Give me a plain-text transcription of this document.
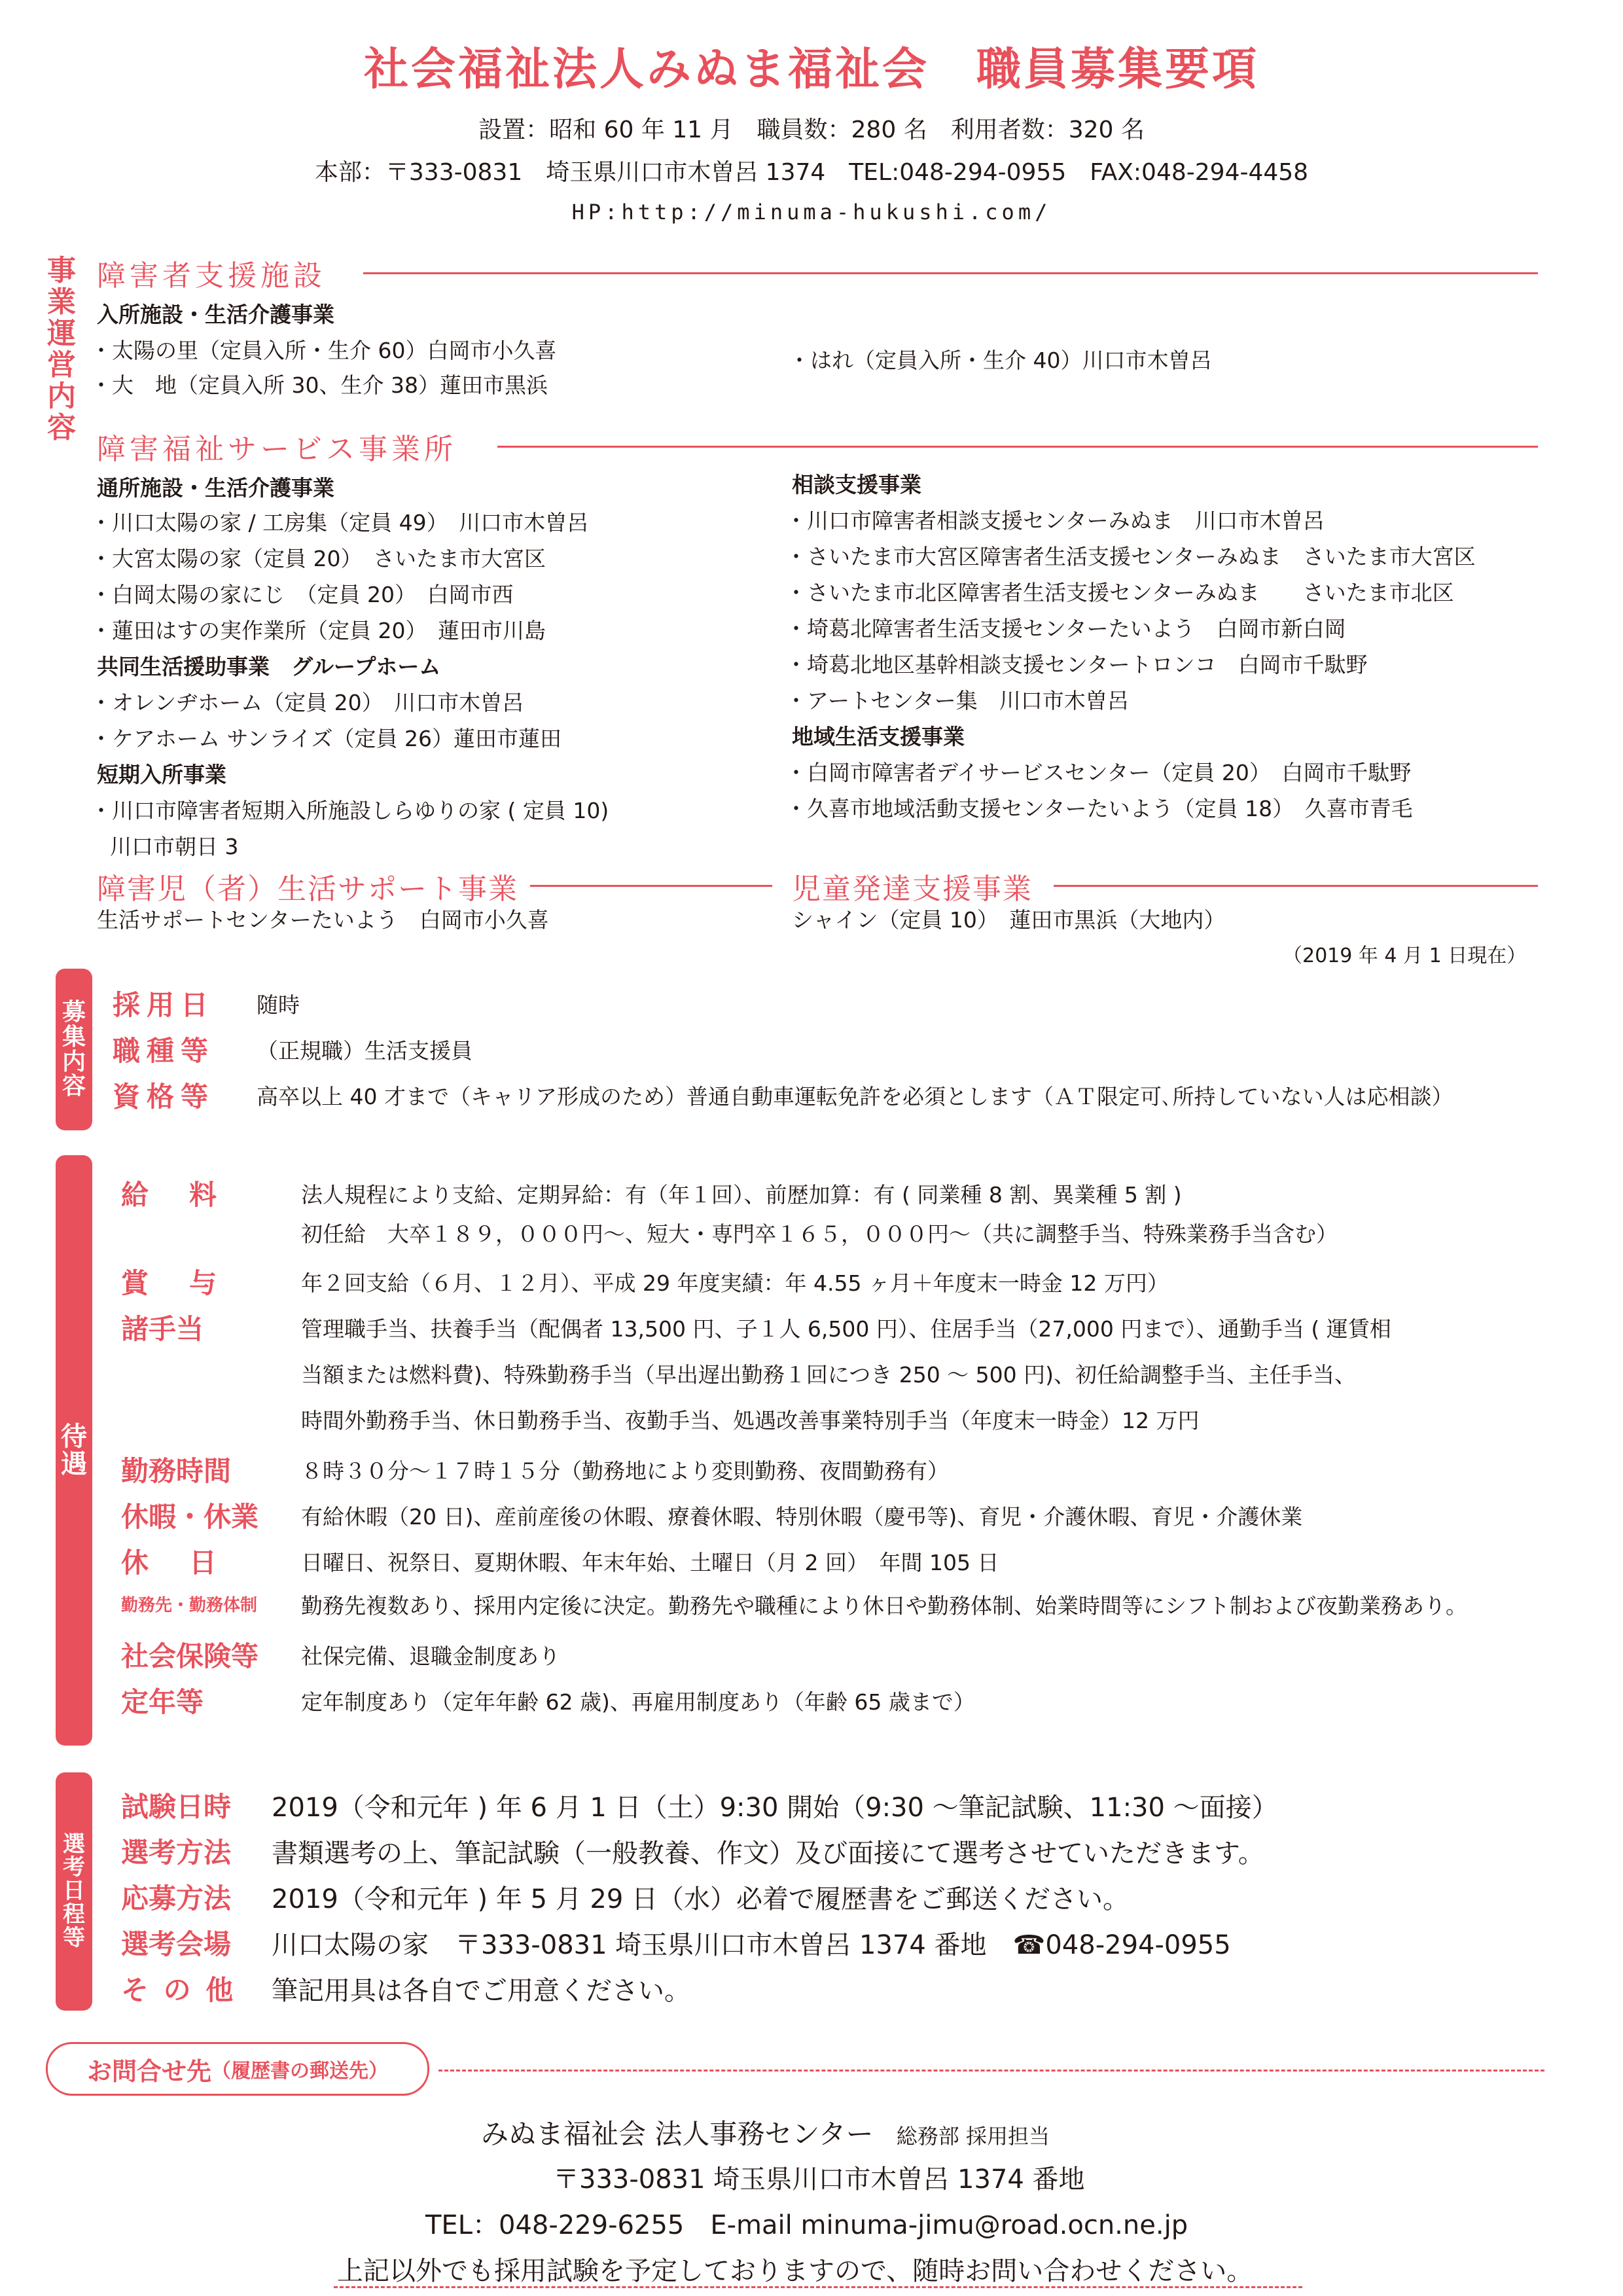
社会福祉法人みぬま福祉会　職員募集要項
設置：昭和 60 年 11 月　職員数：280 名　利用者数：320 名
本部：〒333-0831　埼玉県川口市木曽呂 1374　TEL:048-294-0955　FAX:048-294-4458
HP:http://minuma-hukushi.com/
事
業
運
営
内
容
障害者支援施設
入所施設・生活介護事業
・太陽の里（定員入所・生介 60）白岡市小久喜
・大　地（定員入所 30、生介 38）蓮田市黒浜
・はれ（定員入所・生介 40）川口市木曽呂
障害福祉サービス事業所
通所施設・生活介護事業
・川口太陽の家 / 工房集（定員 49）　川口市木曽呂
・大宮太陽の家（定員 20）　さいたま市大宮区
・白岡太陽の家にじ　（定員 20）　白岡市西
・蓮田はすの実作業所（定員 20）　蓮田市川島
共同生活援助事業　グループホーム
・オレンヂホーム（定員 20）　川口市木曽呂
・ケアホーム サンライズ（定員 26）蓮田市蓮田
短期入所事業
・川口市障害者短期入所施設しらゆりの家 ( 定員 10)
川口市朝日 3
相談支援事業
・川口市障害者相談支援センターみぬま　川口市木曽呂
・さいたま市大宮区障害者生活支援センターみぬま　さいたま市大宮区
・さいたま市北区障害者生活支援センターみぬま　　さいたま市北区
・埼葛北障害者生活支援センターたいよう　白岡市新白岡
・埼葛北地区基幹相談支援センタートロンコ　白岡市千駄野
・アートセンター集　川口市木曽呂
地域生活支援事業
・白岡市障害者デイサービスセンター（定員 20）　白岡市千駄野
・久喜市地域活動支援センターたいよう（定員 18）　久喜市青毛
障害児（者）生活サポート事業
生活サポートセンターたいよう　白岡市小久喜
児童発達支援事業
シャイン（定員 10）　蓮田市黒浜（大地内）
（2019 年 4 月 1 日現在）
募
集
内
容
採用日 随時
職種等 （正規職）生活支援員
資格等 高卒以上 40 才まで（キャリア形成のため）普通自動車運転免許を必須とします（ＡＴ限定可､所持していない人は応相談）
待
遇
給　料	法人規程により支給、定期昇給：有（年１回）、前歴加算：有 ( 同業種 8 割、異業種 5 割 )
初任給　大卒１８９，０００円〜、短大・専門卒１６５，０００円〜（共に調整手当、特殊業務手当含む）
賞　与	年２回支給（６月、１２月）、平成 29 年度実績：年 4.55 ヶ月＋年度末一時金 12 万円）
諸手当	管理職手当、扶養手当（配偶者 13,500 円、子１人 6,500 円）、住居手当（27,000 円まで）、通勤手当 ( 運賃相
当額または燃料費)、特殊勤務手当（早出遅出勤務１回につき 250 〜 500 円)、初任給調整手当、主任手当、
時間外勤務手当、休日勤務手当、夜勤手当、処遇改善事業特別手当（年度末一時金）12 万円
勤務時間	８時３０分～１７時１５分（勤務地により変則勤務、夜間勤務有）
休暇・休業 有給休暇（20 日)、産前産後の休暇、療養休暇、特別休暇（慶弔等)、育児・介護休暇、育児・介護休業
休　日	日曜日、祝祭日、夏期休暇、年末年始、土曜日（月 2 回）　年間 105 日
勤務先・勤務体制 勤務先複数あり、採用内定後に決定。勤務先や職種により休日や勤務体制、始業時間等にシフト制および夜勤業務あり。
社会保険等 社保完備、退職金制度あり
定年等	定年制度あり（定年年齢 62 歳)、再雇用制度あり（年齢 65 歳まで）
選
考
日
程
等
試験日時 2019（令和元年 ) 年 6 月 1 日（土）9:30 開始（9:30 〜筆記試験、11:30 〜面接）
選考方法 書類選考の上、筆記試験（一般教養、作文）及び面接にて選考させていただきます。
応募方法 2019（令和元年 ) 年 5 月 29 日（水）必着で履歴書をご郵送ください。
選考会場 川口太陽の家　〒333-0831 埼玉県川口市木曽呂 1374 番地　☎048-294-0955
そ の 他 筆記用具は各自でご用意ください。
お問合せ先 （履歴書の郵送先）
みぬま福祉会 法人事務センター 総務部 採用担当
〒333-0831 埼玉県川口市木曽呂 1374 番地
TEL：048-229-6255　E-mail minuma-jimu@road.ocn.ne.jp
上記以外でも採用試験を予定しておりますので、随時お問い合わせください。
